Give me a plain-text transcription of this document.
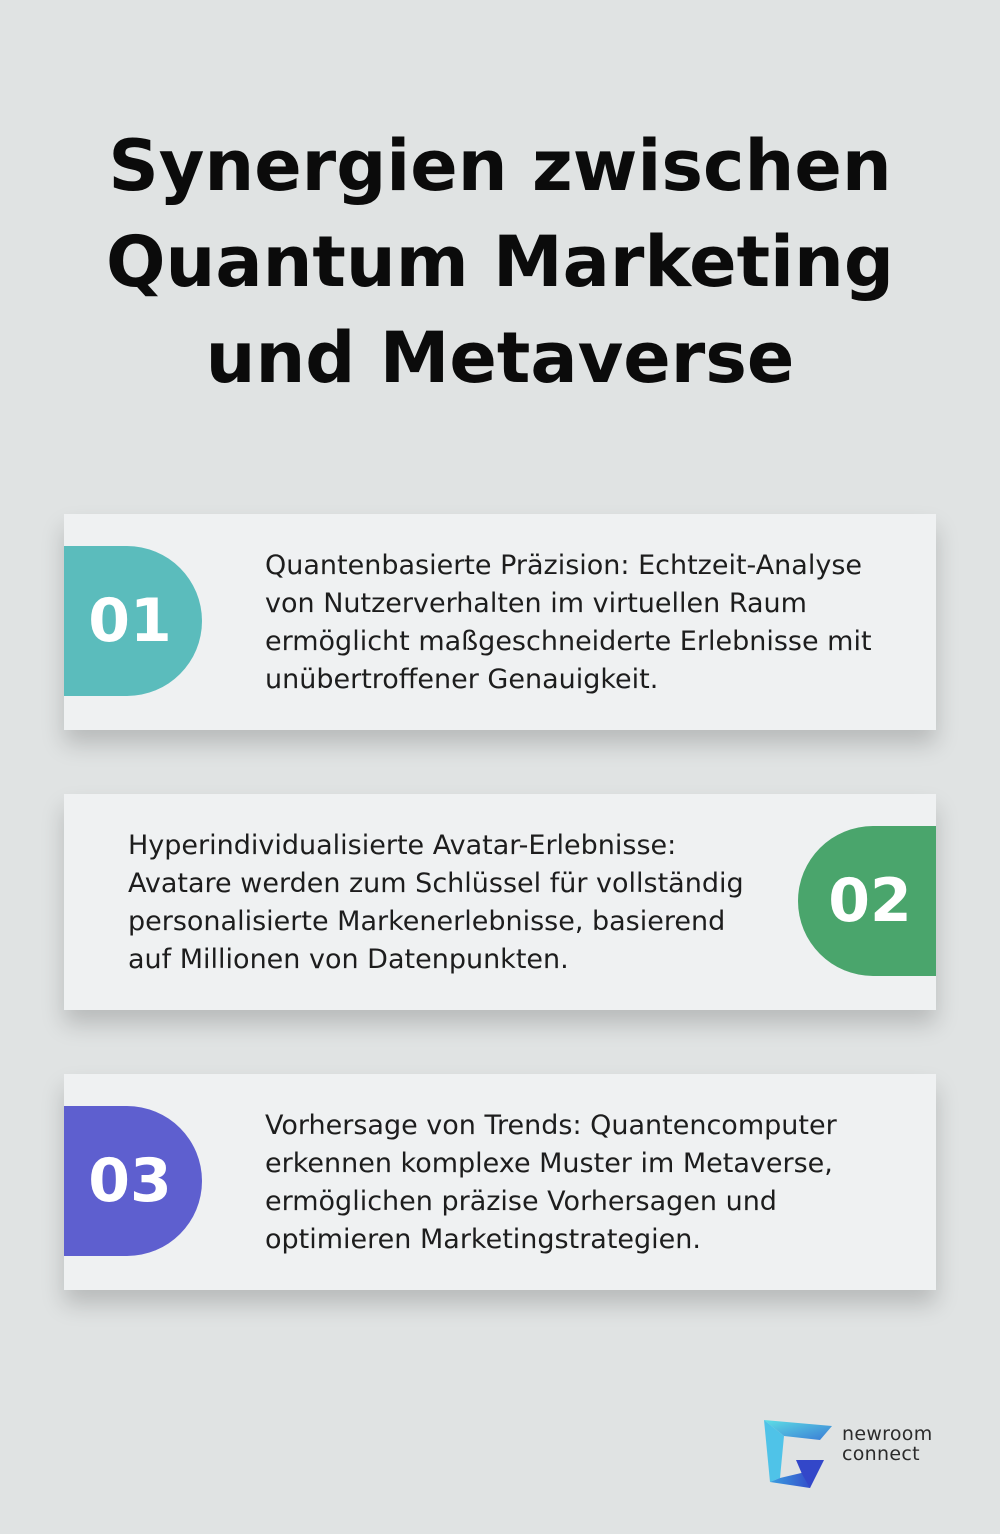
Synergien zwischen
Quantum Marketing
und Metaverse
01
Quantenbasierte Präzision: Echtzeit-Analyse von Nutzerverhalten im virtuellen Raum ermöglicht maßgeschneiderte Erlebnisse mit unübertroffener Genauigkeit.
Hyperindividualisierte Avatar-Erlebnisse: Avatare werden zum Schlüssel für vollständig personalisierte Markenerlebnisse, basierend auf Millionen von Datenpunkten.
02
03
Vorhersage von Trends: Quantencomputer erkennen komplexe Muster im Metaverse, ermöglichen präzise Vorhersagen und optimieren Marketingstrategien.
newroom
connect
